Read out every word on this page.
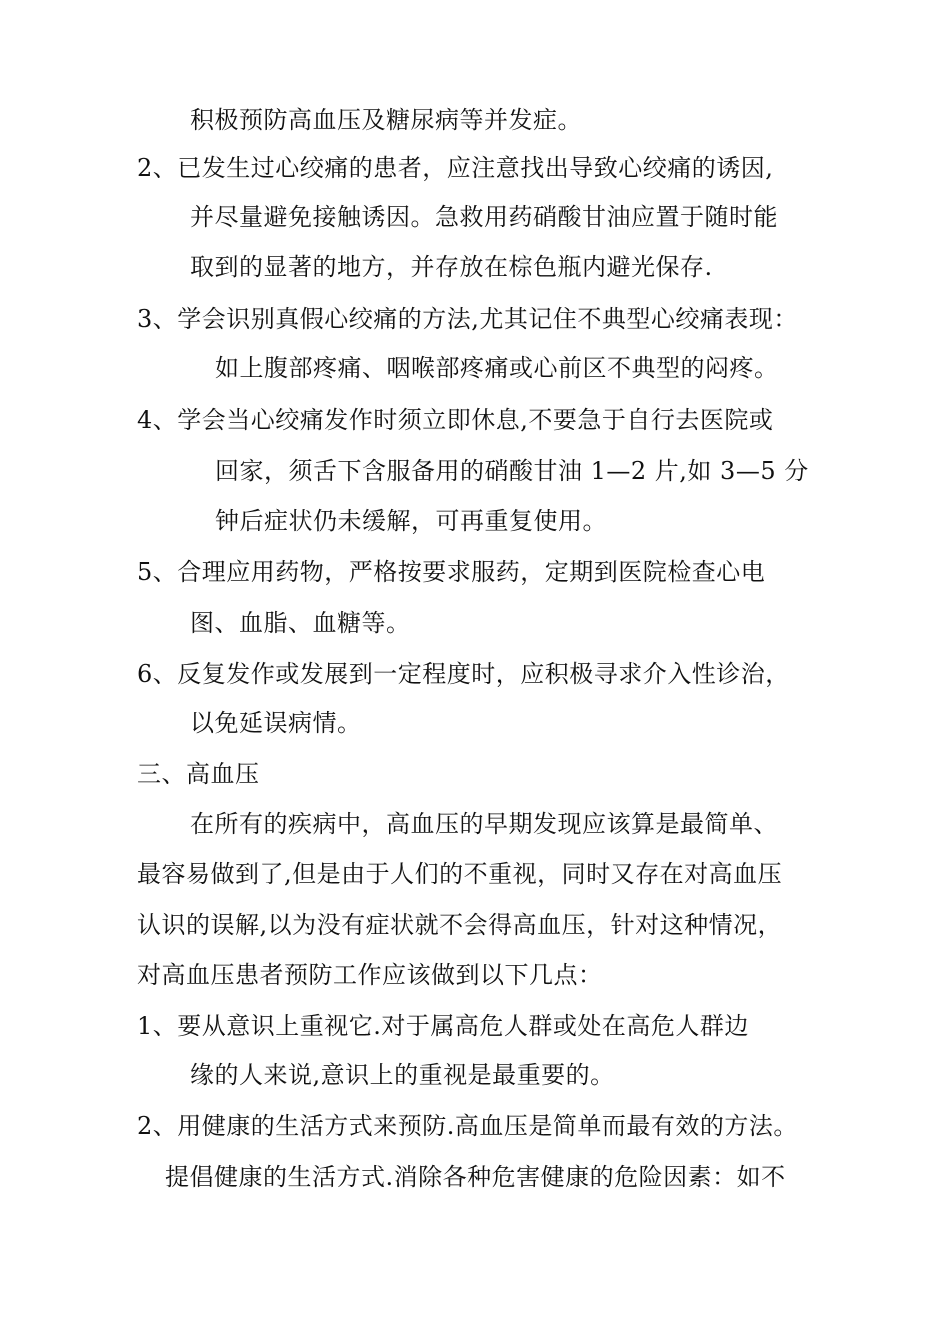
积极预防高血压及糖尿病等并发症。
2、已发生过心绞痛的患者，应注意找出导致心绞痛的诱因,
并尽量避免接触诱因。急救用药硝酸甘油应置于随时能
取到的显著的地方，并存放在棕色瓶内避光保存.
3、学会识别真假心绞痛的方法,尤其记住不典型心绞痛表现：
如上腹部疼痛、咽喉部疼痛或心前区不典型的闷疼。
4、学会当心绞痛发作时须立即休息,不要急于自行去医院或
回家，须舌下含服备用的硝酸甘油 1—2 片,如 3—5 分
钟后症状仍未缓解，可再重复使用。
5、合理应用药物，严格按要求服药，定期到医院检查心电
图、血脂、血糖等。
6、反复发作或发展到一定程度时，应积极寻求介入性诊治，
以免延误病情。
三、高血压
在所有的疾病中，高血压的早期发现应该算是最简单、
最容易做到了,但是由于人们的不重视，同时又存在对高血压
认识的误解,以为没有症状就不会得高血压，针对这种情况，
对高血压患者预防工作应该做到以下几点：
1、要从意识上重视它.对于属高危人群或处在高危人群边
缘的人来说,意识上的重视是最重要的。
2、用健康的生活方式来预防.高血压是简单而最有效的方法。
提倡健康的生活方式.消除各种危害健康的危险因素：如不
